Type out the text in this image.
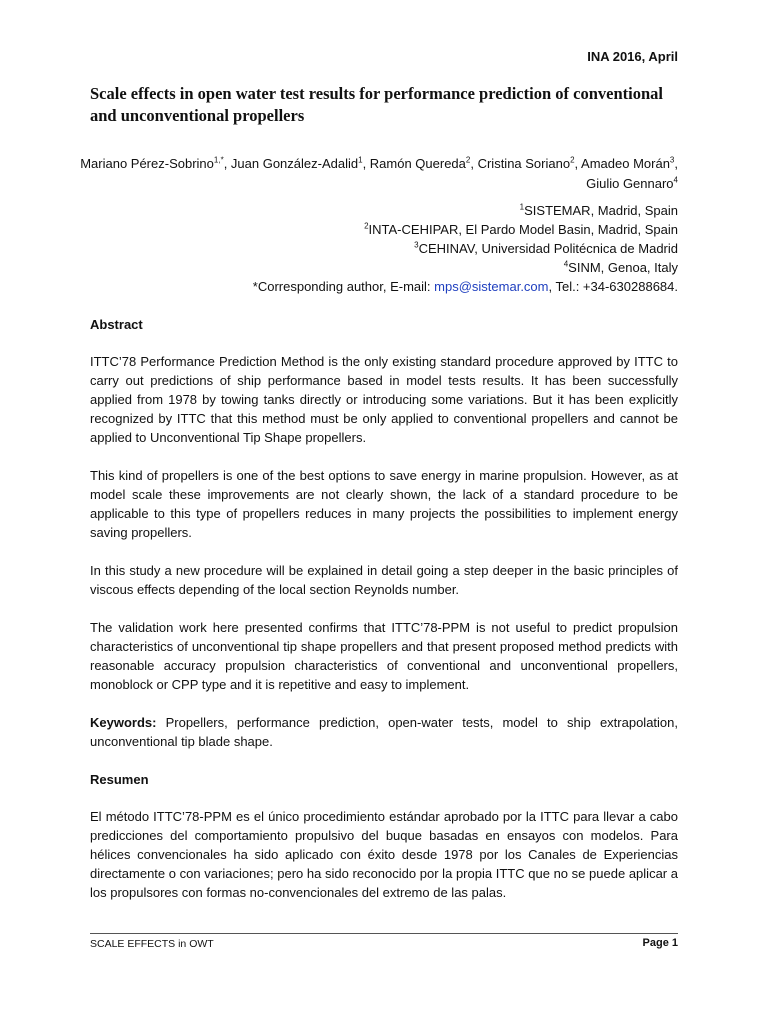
INA 2016, April
Scale effects in open water test results for performance prediction of conventional and unconventional propellers
Mariano Pérez-Sobrino$^{1,*}$, Juan González-Adalid$^1$, Ramón Quereda$^2$, Cristina Soriano$^2$, Amadeo Morán$^3$, Giulio Gennaro$^4$
$^1$SISTEMAR, Madrid, Spain
$^2$INTA-CEHIPAR, El Pardo Model Basin, Madrid, Spain
$^3$CEHINAV, Universidad Politécnica de Madrid
$^4$SINM, Genoa, Italy
*Corresponding author, E-mail: mps@sistemar.com, Tel.: +34-630288684.
Abstract
ITTC’78 Performance Prediction Method is the only existing standard procedure approved by ITTC to carry out predictions of ship performance based in model tests results. It has been successfully applied from 1978 by towing tanks directly or introducing some variations. But it has been explicitly recognized by ITTC that this method must be only applied to conventional propellers and cannot be applied to Unconventional Tip Shape propellers.
This kind of propellers is one of the best options to save energy in marine propulsion. However, as at model scale these improvements are not clearly shown, the lack of a standard procedure to be applicable to this type of propellers reduces in many projects the possibilities to implement energy saving propellers.
In this study a new procedure will be explained in detail going a step deeper in the basic principles of viscous effects depending of the local section Reynolds number.
The validation work here presented confirms that ITTC’78-PPM is not useful to predict propulsion characteristics of unconventional tip shape propellers and that present proposed method predicts with reasonable accuracy propulsion characteristics of conventional and unconventional propellers, monoblock or CPP type and it is repetitive and easy to implement.
Keywords: Propellers, performance prediction, open-water tests, model to ship extrapolation, unconventional tip blade shape.
Resumen
El método ITTC’78-PPM es el único procedimiento estándar aprobado por la ITTC para llevar a cabo predicciones del comportamiento propulsivo del buque basadas en ensayos con modelos. Para hélices convencionales ha sido aplicado con éxito desde 1978 por los Canales de Experiencias directamente o con variaciones; pero ha sido reconocido por la propia ITTC que no se puede aplicar a los propulsores con formas no-convencionales del extremo de las palas.
SCALE EFFECTS in OWT	Page 1
